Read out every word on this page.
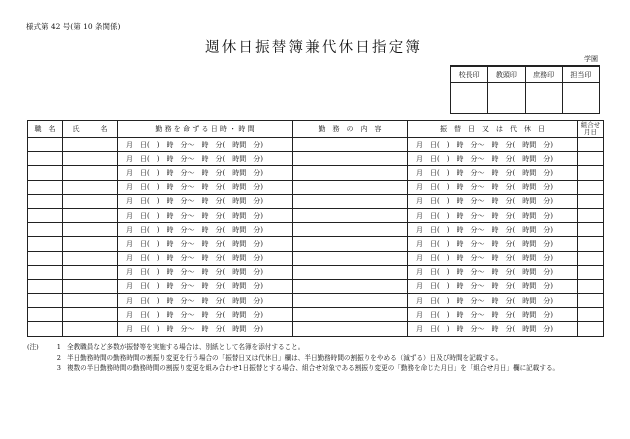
様式第 42 号(第 10 条関係)
週休日振替簿兼代休日指定簿
学園
校長印	教頭印	庶務印	担当印

職　名	氏　　　名	勤 務 を 命 ず る 日 時 ・ 時 間	勤　務　の　内　容	振　替　日　又　は　代　休　日	組合せ月日
		月　日(　)　時　分〜　時　分(　時間　分)		月　日(　)　時　分〜　時　分(　時間　分)	
		月　日(　)　時　分〜　時　分(　時間　分)		月　日(　)　時　分〜　時　分(　時間　分)	
		月　日(　)　時　分〜　時　分(　時間　分)		月　日(　)　時　分〜　時　分(　時間　分)	
		月　日(　)　時　分〜　時　分(　時間　分)		月　日(　)　時　分〜　時　分(　時間　分)	
		月　日(　)　時　分〜　時　分(　時間　分)		月　日(　)　時　分〜　時　分(　時間　分)	
		月　日(　)　時　分〜　時　分(　時間　分)		月　日(　)　時　分〜　時　分(　時間　分)	
		月　日(　)　時　分〜　時　分(　時間　分)		月　日(　)　時　分〜　時　分(　時間　分)	
		月　日(　)　時　分〜　時　分(　時間　分)		月　日(　)　時　分〜　時　分(　時間　分)	
		月　日(　)　時　分〜　時　分(　時間　分)		月　日(　)　時　分〜　時　分(　時間　分)	
		月　日(　)　時　分〜　時　分(　時間　分)		月　日(　)　時　分〜　時　分(　時間　分)	
		月　日(　)　時　分〜　時　分(　時間　分)		月　日(　)　時　分〜　時　分(　時間　分)	
		月　日(　)　時　分〜　時　分(　時間　分)		月　日(　)　時　分〜　時　分(　時間　分)	
		月　日(　)　時　分〜　時　分(　時間　分)		月　日(　)　時　分〜　時　分(　時間　分)	
		月　日(　)　時　分〜　時　分(　時間　分)		月　日(　)　時　分〜　時　分(　時間　分)	
(注)	1 全教職員など多数が振替等を実施する場合は、別紙として名簿を添付すること。
2 半日勤務時間の勤務時間の割振り変更を行う場合の「振替日又は代休日」欄は、半日勤務時間の割振りをやめる（減ずる）日及び時間を記載する。
3 複数の半日勤務時間の勤務時間の割振り変更を組み合わせ1日振替とする場合、組合せ対象である割振り変更の「勤務を命じた月日」を「組合せ月日」欄に記載する。
